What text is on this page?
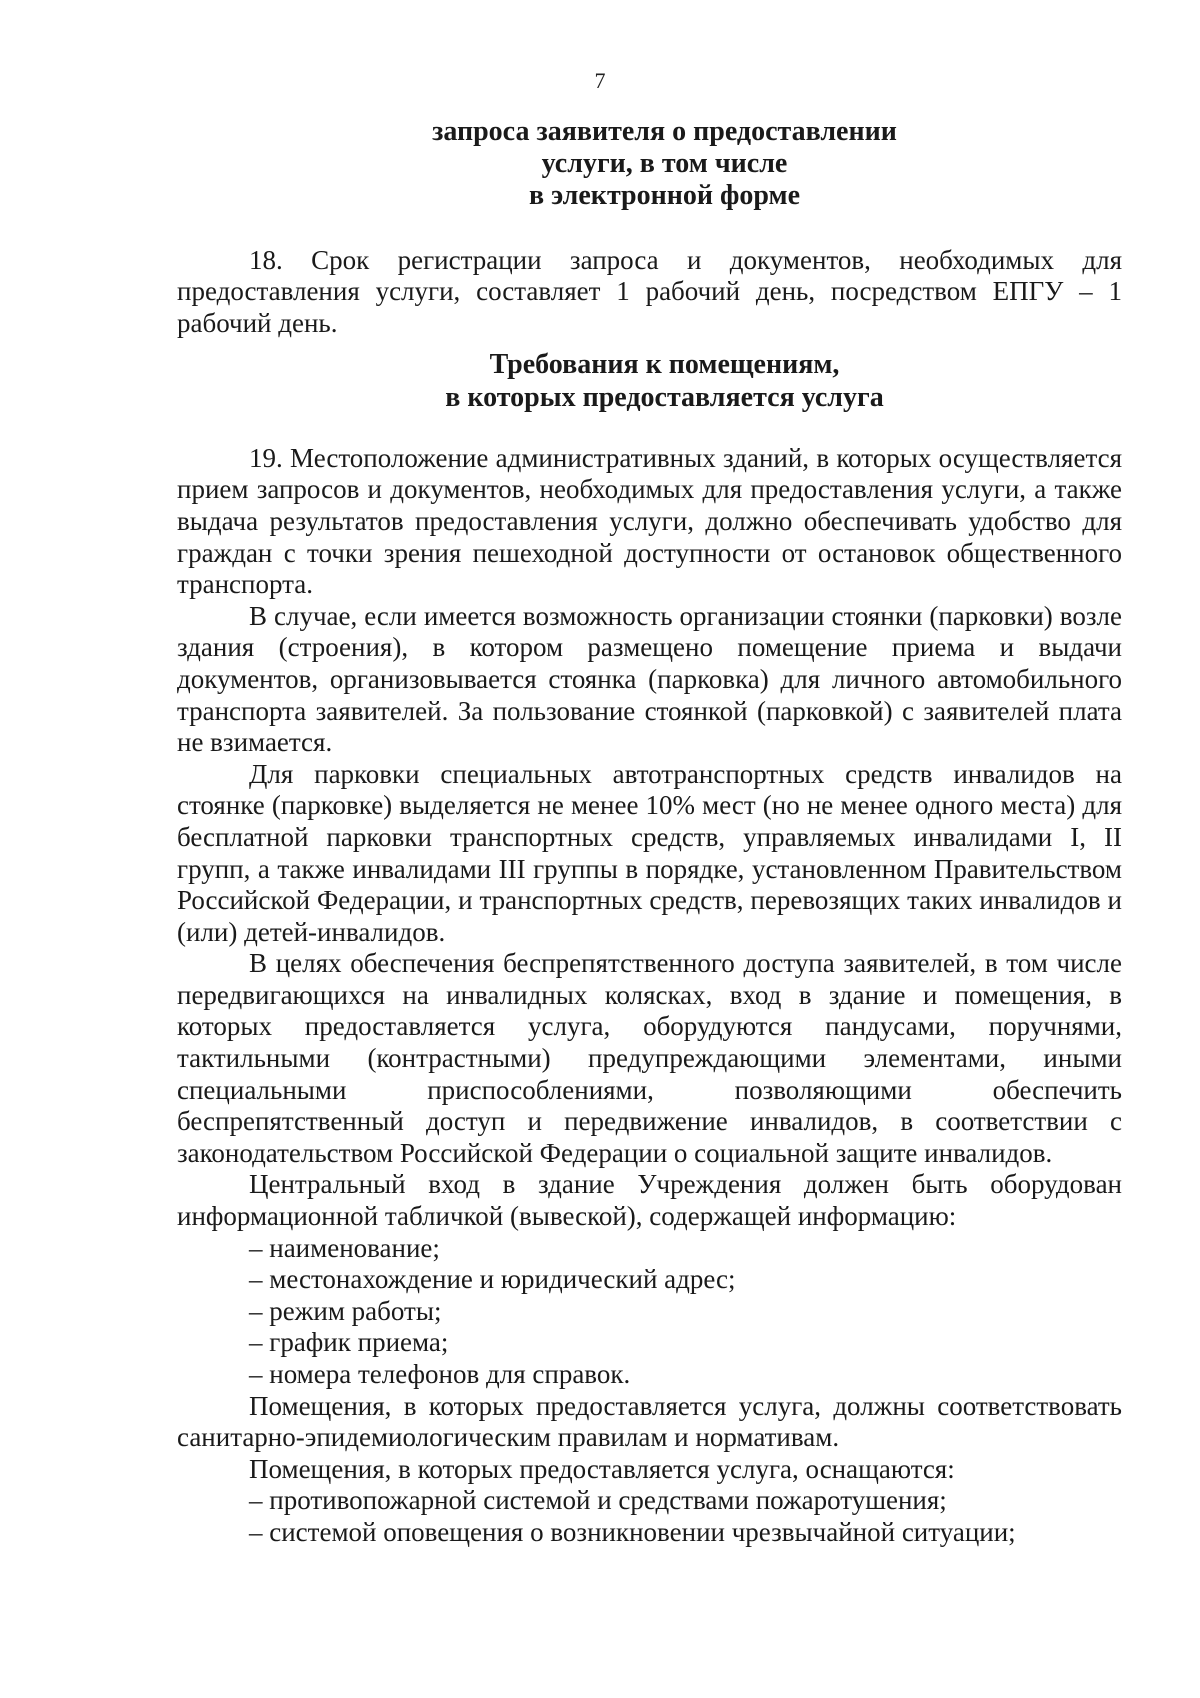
7
запроса заявителя о предоставлении
услуги, в том числе
в электронной форме

18. Срок регистрации запроса и документов, необходимых для предоставления услуги, составляет 1 рабочий день, посредством ЕПГУ – 1 рабочий день.

Требования к помещениям,
в которых предоставляется услуга

19. Местоположение административных зданий, в которых осуществляется прием запросов и документов, необходимых для предоставления услуги, а также выдача результатов предоставления услуги, должно обеспечивать удобство для граждан с точки зрения пешеходной доступности от остановок общественного транспорта.

В случае, если имеется возможность организации стоянки (парковки) возле здания (строения), в котором размещено помещение приема и выдачи документов, организовывается стоянка (парковка) для личного автомобильного транспорта заявителей. За пользование стоянкой (парковкой) с заявителей плата не взимается.

Для парковки специальных автотранспортных средств инвалидов на стоянке (парковке) выделяется не менее 10% мест (но не менее одного места) для бесплатной парковки транспортных средств, управляемых инвалидами I, II групп, а также инвалидами III группы в порядке, установленном Правительством Российской Федерации, и транспортных средств, перевозящих таких инвалидов и (или) детей-инвалидов.

В целях обеспечения беспрепятственного доступа заявителей, в том числе передвигающихся на инвалидных колясках, вход в здание и помещения, в которых предоставляется услуга, оборудуются пандусами, поручнями, тактильными (контрастными) предупреждающими элементами, иными специальными приспособлениями, позволяющими обеспечить беспрепятственный доступ и передвижение инвалидов, в соответствии с законодательством Российской Федерации о социальной защите инвалидов.

Центральный вход в здание Учреждения должен быть оборудован информационной табличкой (вывеской), содержащей информацию:

– наименование;
– местонахождение и юридический адрес;
– режим работы;
– график приема;
– номера телефонов для справок.

Помещения, в которых предоставляется услуга, должны соответствовать санитарно-эпидемиологическим правилам и нормативам.

Помещения, в которых предоставляется услуга, оснащаются:

– противопожарной системой и средствами пожаротушения;
– системой оповещения о возникновении чрезвычайной ситуации;
